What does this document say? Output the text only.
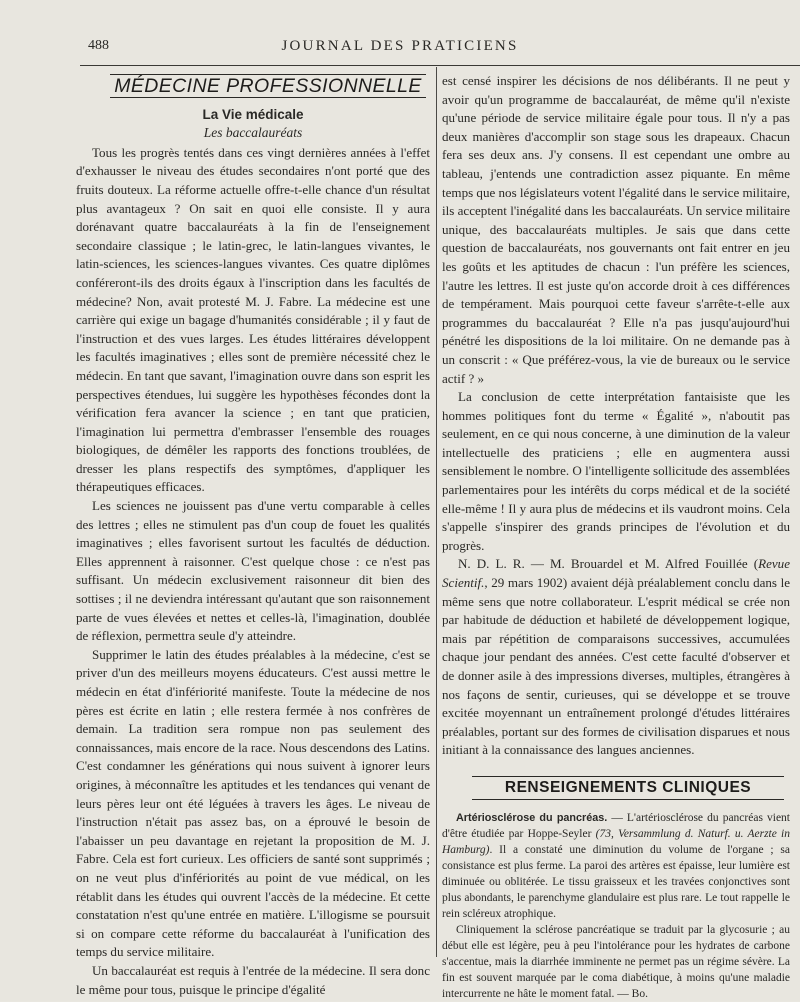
488	JOURNAL DES PRATICIENS
MÉDECINE PROFESSIONNELLE
La Vie médicale
Les baccalauréats

Tous les progrès tentés dans ces vingt dernières années à l'effet d'exhausser le niveau des études secondaires n'ont porté que des fruits douteux. La réforme actuelle offre-t-elle chance d'un résultat plus avantageux ? On sait en quoi elle consiste. Il y aura dorénavant quatre baccalauréats à la fin de l'enseignement secondaire classique ; le latin-grec, le latin-langues vivantes, le latin-sciences, les sciences-langues vivantes. Ces quatre diplômes conféreront-ils des droits égaux à l'inscription dans les facultés de médecine? Non, avait protesté M. J. Fabre. La médecine est une carrière qui exige un bagage d'humanités considérable ; il y faut de l'instruction et des vues larges. Les études littéraires développent les facultés imaginatives ; elles sont de première nécessité chez le médecin. En tant que savant, l'imagination ouvre dans son esprit les perspectives étendues, lui suggère les hypothèses fécondes dont la vérification fera avancer la science ; en tant que praticien, l'imagination lui permettra d'embrasser l'ensemble des rouages biologiques, de démêler les rapports des fonctions troublées, de dresser les plans respectifs des symptômes, d'appliquer les thérapeutiques efficaces.

Les sciences ne jouissent pas d'une vertu comparable à celles des lettres ; elles ne stimulent pas d'un coup de fouet les qualités imaginatives ; elles favorisent surtout les facultés de déduction. Elles apprennent à raisonner. C'est quelque chose : ce n'est pas suffisant. Un médecin exclusivement raisonneur dit bien des sottises ; il ne deviendra intéressant qu'autant que son raisonnement parte de vues élevées et nettes et celles-là, l'imagination, doublée de réflexion, permettra seule d'y atteindre.

Supprimer le latin des études préalables à la médecine, c'est se priver d'un des meilleurs moyens éducateurs. C'est aussi mettre le médecin en état d'infériorité manifeste. Toute la médecine de nos pères est écrite en latin ; elle restera fermée à nos confrères de demain. La tradition sera rompue non pas seulement des connaissances, mais encore de la race. Nous descendons des Latins. C'est condamner les générations qui nous suivent à ignorer leurs origines, à méconnaître les aptitudes et les tendances qui venant de leurs pères leur ont été léguées à travers les âges. Le niveau de l'instruction n'était pas assez bas, on a éprouvé le besoin de l'abaisser un peu davantage en rejetant la proposition de M. J. Fabre. Cela est fort curieux. Les officiers de santé sont supprimés ; on ne veut plus d'infériorités au point de vue médical, on les rétablit dans les études qui ouvrent l'accès de la médecine. Et cette constatation n'est qu'une entrée en matière. L'illogisme se poursuit si on compare cette réforme du baccalauréat à l'unification des temps du service militaire.

Un baccalauréat est requis à l'entrée de la médecine. Il sera donc le même pour tous, puisque le principe d'égalité

est censé inspirer les décisions de nos délibérants. Il ne peut y avoir qu'un programme de baccalauréat, de même qu'il n'existe qu'une période de service militaire égale pour tous. Il n'y a pas deux manières d'accomplir son stage sous les drapeaux. Chacun fera ses deux ans. J'y consens. Il est cependant une ombre au tableau, j'entends une contradiction assez piquante. En même temps que nos législateurs votent l'égalité dans le service militaire, ils acceptent l'inégalité dans les baccalauréats. Un service militaire unique, des baccalauréats multiples. Je sais que dans cette question de baccalauréats, nos gouvernants ont fait entrer en jeu les goûts et les aptitudes de chacun : l'un préfère les sciences, l'autre les lettres. Il est juste qu'on accorde droit à ces différences de tempérament. Mais pourquoi cette faveur s'arrête-t-elle aux programmes du baccalauréat ? Elle n'a pas jusqu'aujourd'hui pénétré les dispositions de la loi militaire. On ne demande pas à un conscrit : « Que préférez-vous, la vie de bureaux ou le service actif ? »

La conclusion de cette interprétation fantaisiste que les hommes politiques font du terme « Égalité », n'aboutit pas seulement, en ce qui nous concerne, à une diminution de la valeur intellectuelle des praticiens ; elle en augmentera aussi sensiblement le nombre. O l'intelligente sollicitude des assemblées parlementaires pour les intérêts du corps médical et de la société elle-même ! Il y aura plus de médecins et ils vaudront moins. Cela s'appelle s'inspirer des grands principes de l'évolution et du progrès.

N. D. L. R. — M. Brouardel et M. Alfred Fouillée (Revue Scientif., 29 mars 1902) avaient déjà préalablement conclu dans le même sens que notre collaborateur. L'esprit médical se crée non par habitude de déduction et habileté de développement logique, mais par répétition de comparaisons successives, accumulées chaque jour pendant des années. C'est cette faculté d'observer et de donner asile à des impressions diverses, multiples, étrangères à nos façons de sentir, curieuses, qui se développe et se trouve excitée moyennant un entraînement prolongé d'études littéraires préalables, portant sur des formes de civilisation disparues et nous initiant à la connaissance des langues anciennes.

RENSEIGNEMENTS CLINIQUES

Artériosclérose du pancréas. — L'artériosclérose du pancréas vient d'être étudiée par Hoppe-Seyler (73, Versammlung d. Naturf. u. Aerzte in Hamburg). Il a constaté une diminution du volume de l'organe ; sa consistance est plus ferme. La paroi des artères est épaisse, leur lumière est diminuée ou oblitérée. Le tissu graisseux et les travées conjonctives sont plus abondants, le parenchyme glandulaire est plus rare. Le tout rappelle le rein scléreux atrophique.

Cliniquement la sclérose pancréatique se traduit par la glycosurie ; au début elle est légère, peu à peu l'intolérance pour les hydrates de carbone s'accentue, mais la diarrhée imminente ne permet pas un régime sévère. La fin est souvent marquée par le coma diabétique, à moins qu'une maladie intercurrente ne hâte le moment fatal. — Bo.
